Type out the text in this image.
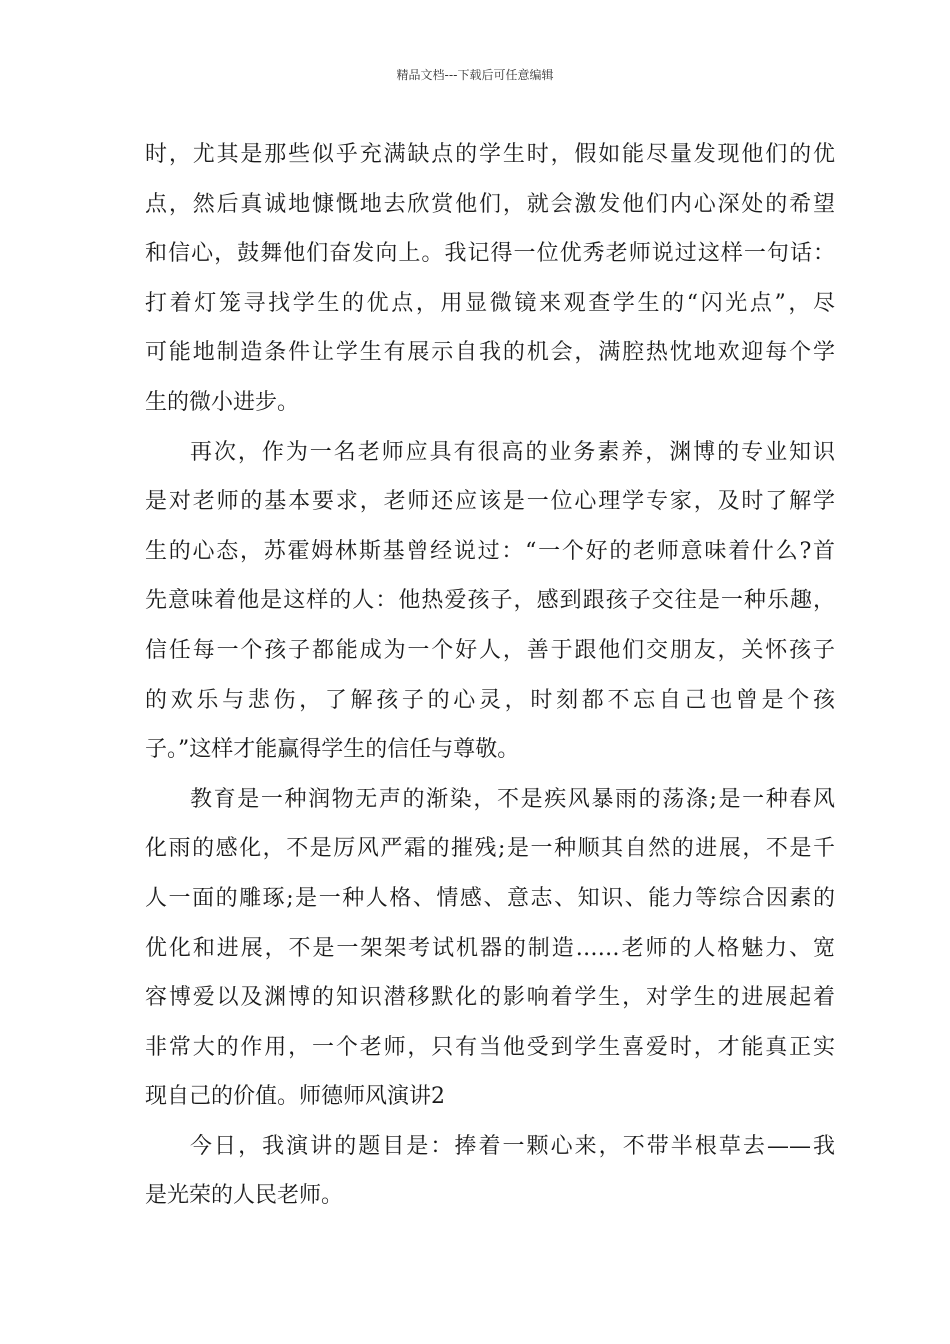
精品文档---下载后可任意编辑
时，尤其是那些似乎充满缺点的学生时，假如能尽量发现他们的优
点，然后真诚地慷慨地去欣赏他们，就会激发他们内心深处的希望
和信心，鼓舞他们奋发向上。我记得一位优秀老师说过这样一句话：
打着灯笼寻找学生的优点，用显微镜来观查学生的“闪光点”，尽
可能地制造条件让学生有展示自我的机会，满腔热忱地欢迎每个学
生的微小进步。
再次，作为一名老师应具有很高的业务素养，渊博的专业知识
是对老师的基本要求，老师还应该是一位心理学专家，及时了解学
生的心态，苏霍姆林斯基曾经说过：“一个好的老师意味着什么?首
先意味着他是这样的人：他热爱孩子，感到跟孩子交往是一种乐趣，
信任每一个孩子都能成为一个好人，善于跟他们交朋友，关怀孩子
的欢乐与悲伤，了解孩子的心灵，时刻都不忘自己也曾是个孩
子。”这样才能赢得学生的信任与尊敬。
教育是一种润物无声的渐染，不是疾风暴雨的荡涤;是一种春风
化雨的感化，不是厉风严霜的摧残;是一种顺其自然的进展，不是千
人一面的雕琢;是一种人格、情感、意志、知识、能力等综合因素的
优化和进展，不是一架架考试机器的制造……老师的人格魅力、宽
容博爱以及渊博的知识潜移默化的影响着学生，对学生的进展起着
非常大的作用，一个老师，只有当他受到学生喜爱时，才能真正实
现自己的价值。师德师风演讲2
今日，我演讲的题目是：捧着一颗心来，不带半根草去——我
是光荣的人民老师。
